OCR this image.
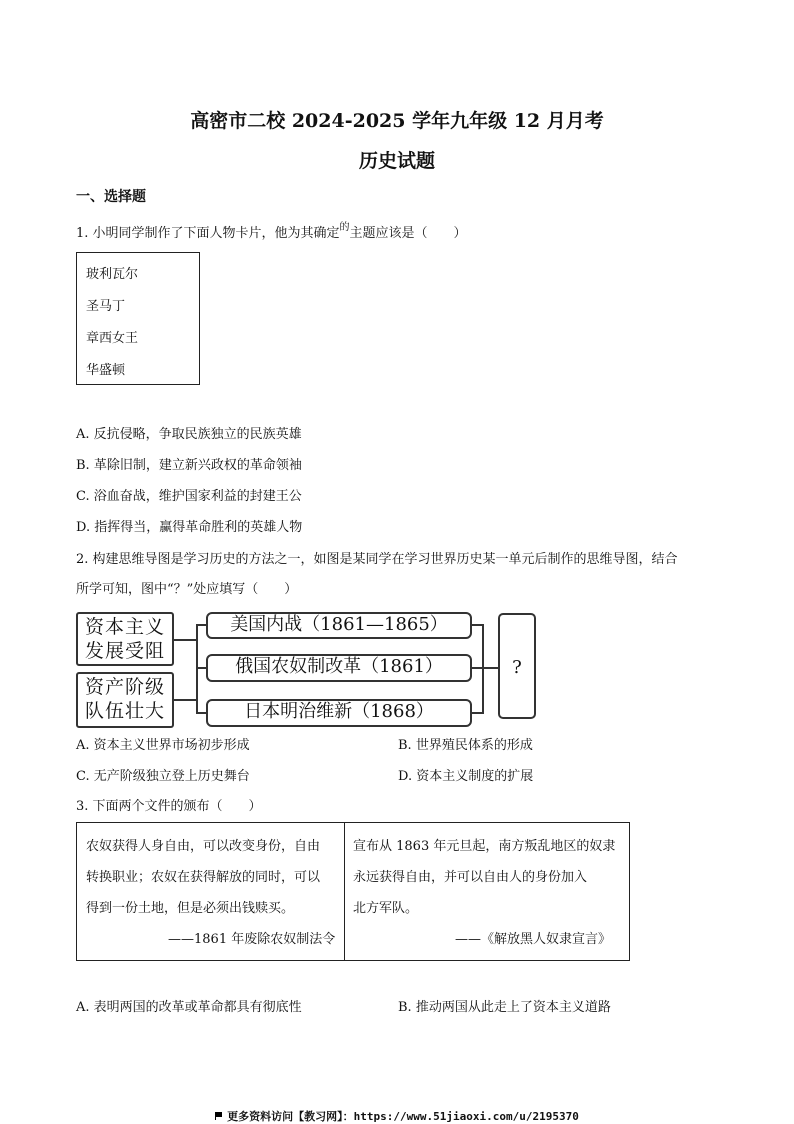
高密市二校 2024-2025 学年九年级 12 月月考
历史试题
一、选择题
1. 小明同学制作了下面人物卡片，他为其确定$^的$主题应该是（　　）
玻利瓦尔
圣马丁
章西女王
华盛顿
A. 反抗侵略，争取民族独立的民族英雄
B. 革除旧制，建立新兴政权的革命领袖
C. 浴血奋战，维护国家利益的封建王公
D. 指挥得当，赢得革命胜利的英雄人物
2. 构建思维导图是学习历史的方法之一，如图是某同学在学习世界历史某一单元后制作的思维导图，结合
所学可知，图中“？”处应填写（　　）
资本主义
发展受阻
资产阶级
队伍壮大
美国内战（1861—1865）
俄国农奴制改革（1861）
日本明治维新（1868）
?
A. 资本主义世界市场初步形成	B. 世界殖民体系的形成
C. 无产阶级独立登上历史舞台	D. 资本主义制度的扩展
3. 下面两个文件的颁布（　　）
农奴获得人身自由，可以改变身份，自由
转换职业；农奴在获得解放的同时，可以
得到一份土地，但是必须出钱赎买。
——1861 年废除农奴制法令
宣布从 1863 年元旦起，南方叛乱地区的奴隶
永远获得自由，并可以自由人的身份加入
北方军队。
——《解放黑人奴隶宣言》
A. 表明两国的改革或革命都具有彻底性	B. 推动两国从此走上了资本主义道路
更多资料访问【教习网】：https://www.51jiaoxi.com/u/2195370
